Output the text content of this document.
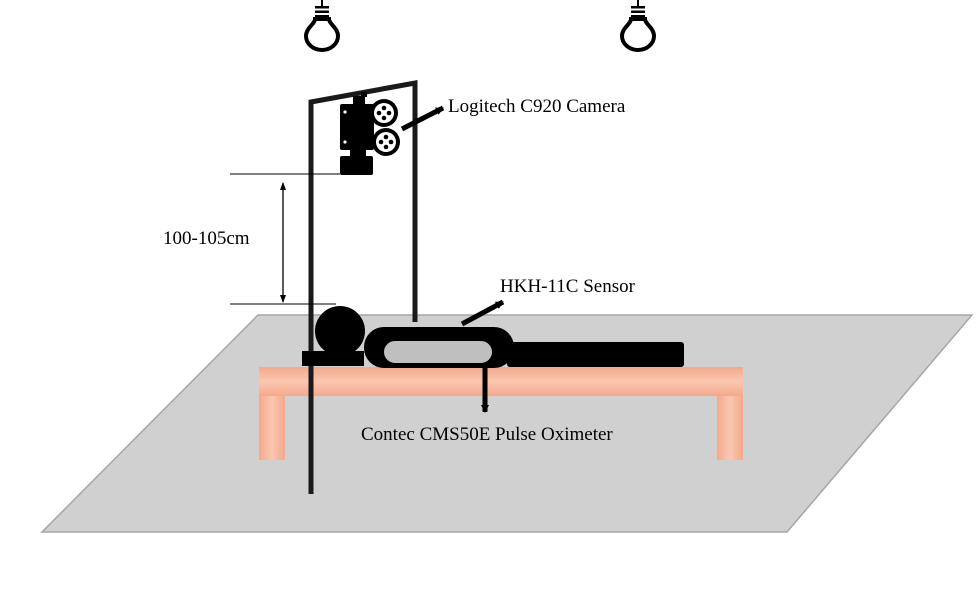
Logitech C920 Camera
100-105cm
HKH-11C Sensor
Contec CMS50E Pulse Oximeter
